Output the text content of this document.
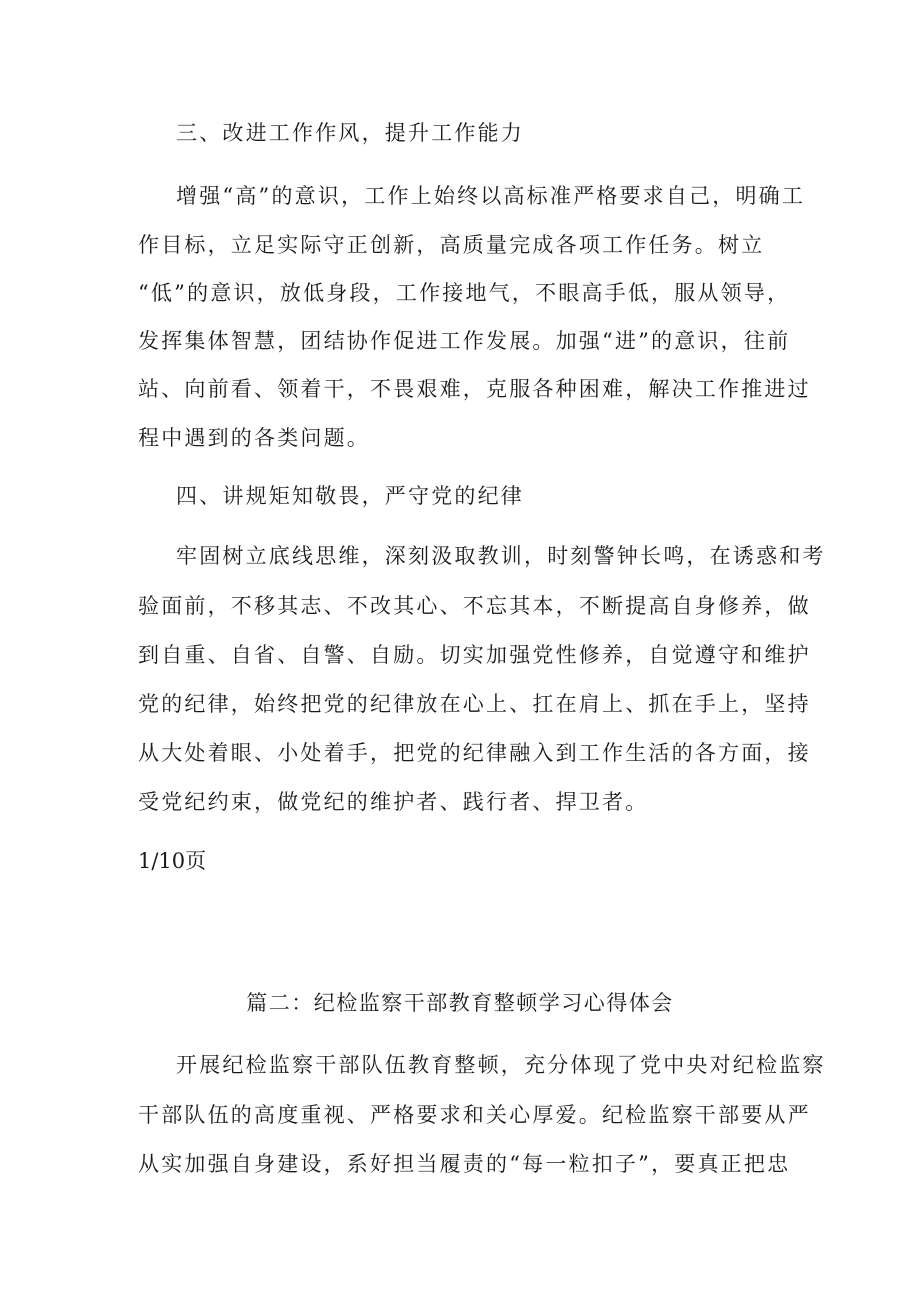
三、改进工作作风，提升工作能力
增强“高”的意识，工作上始终以高标准严格要求自己，明确工
作目标，立足实际守正创新，高质量完成各项工作任务。树立
“低”的意识，放低身段，工作接地气，不眼高手低，服从领导，
发挥集体智慧，团结协作促进工作发展。加强“进”的意识，往前
站、向前看、领着干，不畏艰难，克服各种困难，解决工作推进过
程中遇到的各类问题。
四、讲规矩知敬畏，严守党的纪律
牢固树立底线思维，深刻汲取教训，时刻警钟长鸣，在诱惑和考
验面前，不移其志、不改其心、不忘其本，不断提高自身修养，做
到自重、自省、自警、自励。切实加强党性修养，自觉遵守和维护
党的纪律，始终把党的纪律放在心上、扛在肩上、抓在手上，坚持
从大处着眼、小处着手，把党的纪律融入到工作生活的各方面，接
受党纪约束，做党纪的维护者、践行者、捍卫者。
1/10页
篇二：纪检监察干部教育整顿学习心得体会
开展纪检监察干部队伍教育整顿，充分体现了党中央对纪检监察
干部队伍的高度重视、严格要求和关心厚爱。纪检监察干部要从严
从实加强自身建设，系好担当履责的“每一粒扣子”，要真正把忠
